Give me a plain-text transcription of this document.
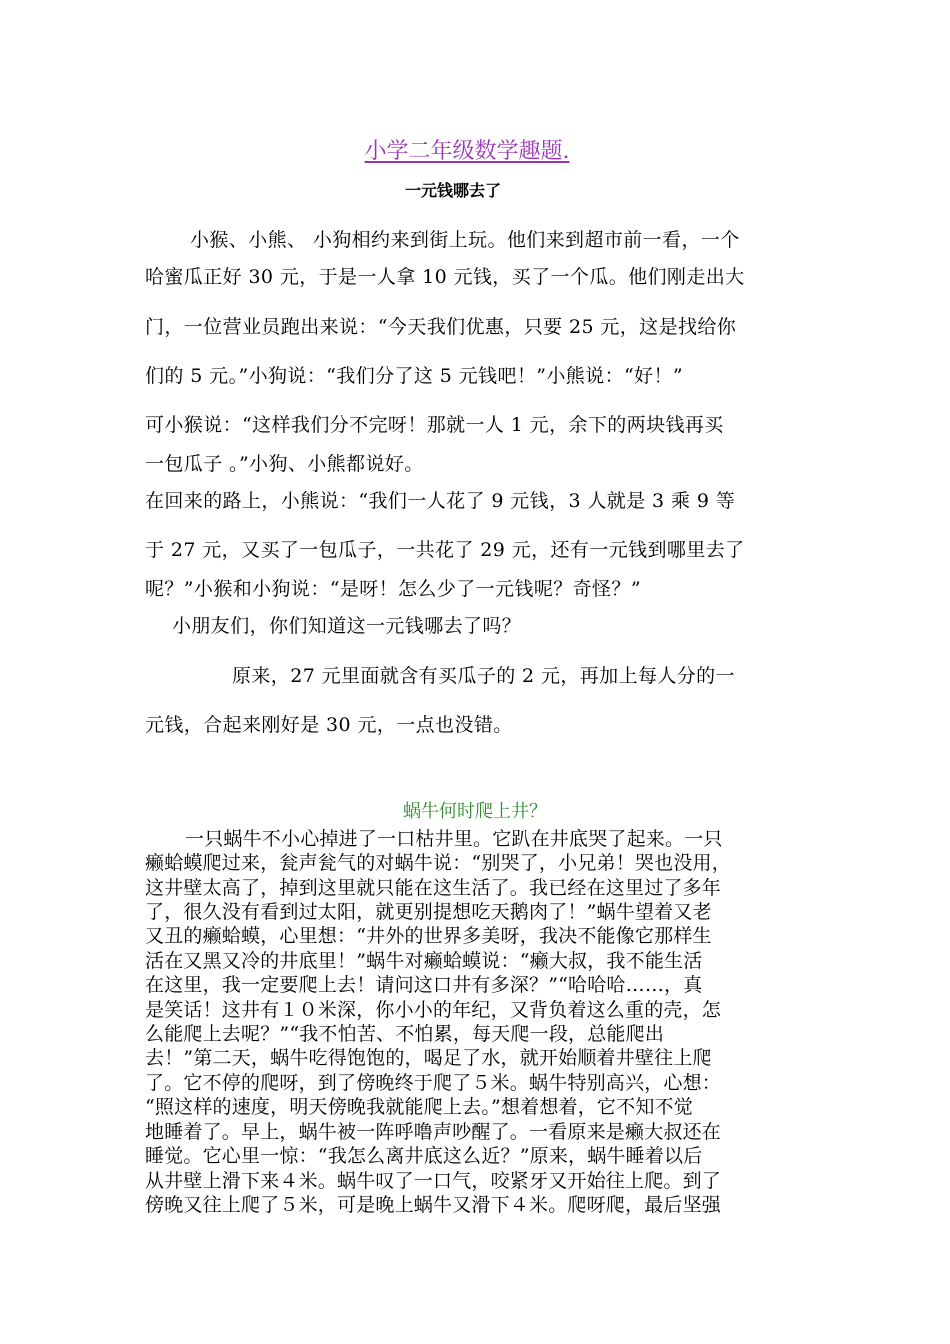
小学二年级数学趣题.
一元钱哪去了
小猴、小熊、 小狗相约来到街上玩。他们来到超市前一看，一个
哈蜜瓜正好 30 元，于是一人拿 10 元钱，买了一个瓜。他们刚走出大
门，一位营业员跑出来说：“今天我们优惠，只要 25 元，这是找给你
们的 5 元。”小狗说：“我们分了这 5 元钱吧！”小熊说：“好！”
可小猴说：“这样我们分不完呀！那就一人 1 元，余下的两块钱再买
一包瓜子 。”小狗、小熊都说好。
在回来的路上，小熊说：“我们一人花了 9 元钱，3 人就是 3 乘 9 等
于 27 元，又买了一包瓜子，一共花了 29 元，还有一元钱到哪里去了
呢？”小猴和小狗说：“是呀！怎么少了一元钱呢？奇怪？”
小朋友们，你们知道这一元钱哪去了吗？
原来，27 元里面就含有买瓜子的 2 元，再加上每人分的一
元钱，合起来刚好是 30 元，一点也没错。
蜗牛何时爬上井？
一只蜗牛不小心掉进了一口枯井里。它趴在井底哭了起来。一只
癞蛤蟆爬过来，瓮声瓮气的对蜗牛说：“别哭了，小兄弟！哭也没用，
这井壁太高了，掉到这里就只能在这生活了。我已经在这里过了多年
了，很久没有看到过太阳，就更别提想吃天鹅肉了！”蜗牛望着又老
又丑的癞蛤蟆，心里想：“井外的世界多美呀，我决不能像它那样生
活在又黑又冷的井底里！”蜗牛对癞蛤蟆说：“癞大叔，我不能生活
在这里，我一定要爬上去！请问这口井有多深？”“哈哈哈……，真
是笑话！这井有１０米深，你小小的年纪，又背负着这么重的壳，怎
么能爬上去呢？”“我不怕苦、不怕累，每天爬一段，总能爬出
去！”第二天，蜗牛吃得饱饱的，喝足了水，就开始顺着井壁往上爬
了。它不停的爬呀，到了傍晚终于爬了５米。蜗牛特别高兴，心想：
“照这样的速度，明天傍晚我就能爬上去。”想着想着，它不知不觉
地睡着了。早上，蜗牛被一阵呼噜声吵醒了。一看原来是癞大叔还在
睡觉。它心里一惊：“我怎么离井底这么近？”原来，蜗牛睡着以后
从井壁上滑下来４米。蜗牛叹了一口气，咬紧牙又开始往上爬。到了
傍晚又往上爬了５米，可是晚上蜗牛又滑下４米。爬呀爬，最后坚强
